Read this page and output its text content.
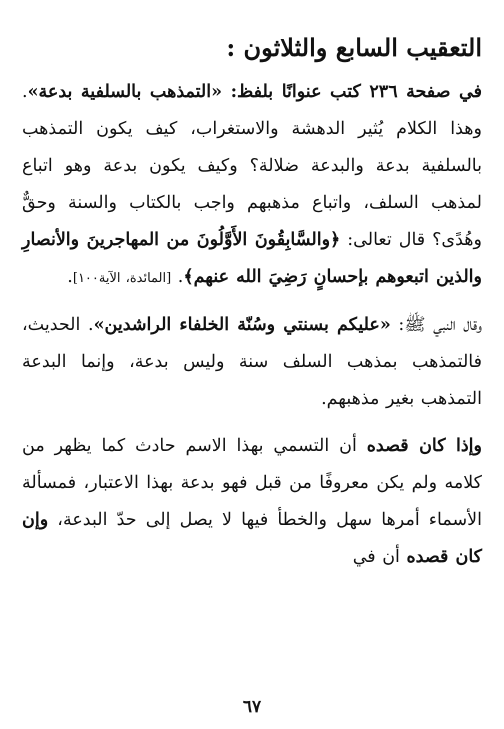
التعقيب السابع والثلاثون :

في صفحة ٢٣٦ كتب عنوانًا بلفظ: «التمذهب بالسلفية بدعة». وهذا الكلام يُثير الدهشة والاستغراب، كيف يكون التمذهب بالسلفية بدعة والبدعة ضلالة؟ وكيف يكون بدعة وهو اتباع لمذهب السلف، واتباع مذهبهم واجب بالكتاب والسنة وحقٌّ وهُدًى؟ قال تعالى: ﴿والسَّابِقُونَ الأَوَّلُونَ من المهاجرينَ والأنصارِ والذين اتبعوهم بإحسانٍ رَضِيَ الله عنهم﴾. [المائدة، الآية١٠٠].

وقال النبي ﷺ: «عليكم بسنتي وسُنّة الخلفاء الراشدين». الحديث، فالتمذهب بمذهب السلف سنة وليس بدعة، وإنما البدعة التمذهب بغير مذهبهم.

وإذا كان قصده أن التسمي بهذا الاسم حادث كما يظهر من كلامه ولم يكن معروفًا من قبل فهو بدعة بهذا الاعتبار، فمسألة الأسماء أمرها سهل والخطأ فيها لا يصل إلى حدّ البدعة، وإن كان قصده أن في

٦٧
